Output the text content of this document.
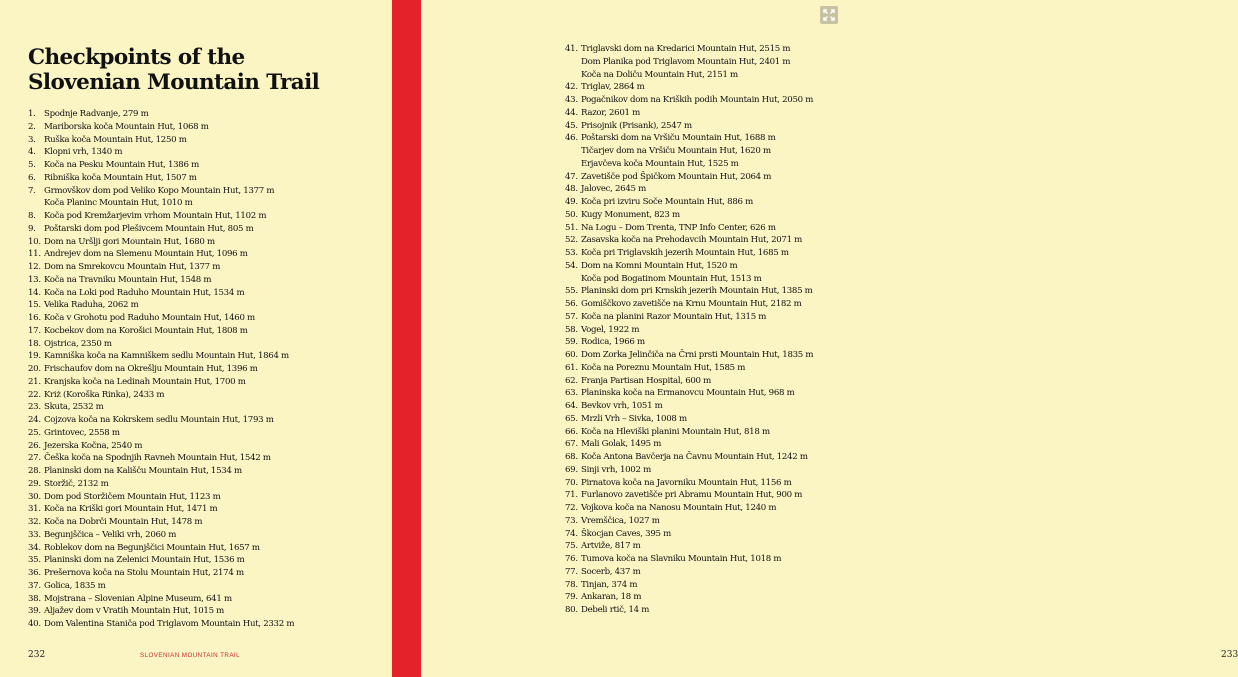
Checkpoints of the
Slovenian Mountain Trail
232	SLOVENIAN MOUNTAIN TRAIL
1. Spodnje Radvanje, 279 m
2. Mariborska koča Mountain Hut, 1068 m
3. Ruška koča Mountain Hut, 1250 m
4. Klopni vrh, 1340 m
5. Koča na Pesku Mountain Hut, 1386 m
6. Ribniška koča Mountain Hut, 1507 m
7. Grmovškov dom pod Veliko Kopo Mountain Hut, 1377 m
Koča Planinc Mountain Hut, 1010 m
8. Koča pod Kremžarjevim vrhom Mountain Hut, 1102 m
9. Poštarski dom pod Plešivcem Mountain Hut, 805 m
10. Dom na Uršlji gori Mountain Hut, 1680 m
11. Andrejev dom na Slemenu Mountain Hut, 1096 m
12. Dom na Smrekovcu Mountain Hut, 1377 m
13. Koča na Travniku Mountain Hut, 1548 m
14. Koča na Loki pod Raduho Mountain Hut, 1534 m
15. Velika Raduha, 2062 m
16. Koča v Grohotu pod Raduho Mountain Hut, 1460 m
17. Kocbekov dom na Korošici Mountain Hut, 1808 m
18. Ojstrica, 2350 m
19. Kamniška koča na Kamniškem sedlu Mountain Hut, 1864 m
20. Frischaufov dom na Okrešlju Mountain Hut, 1396 m
21. Kranjska koča na Ledinah Mountain Hut, 1700 m
22. Kriż (Koroška Rinka), 2433 m
23. Skuta, 2532 m
24. Cojzova koča na Kokrskem sedlu Mountain Hut, 1793 m
25. Grintovec, 2558 m
26. Jezerska Kočna, 2540 m
27. Češka koča na Spodnjih Ravneh Mountain Hut, 1542 m
28. Planinski dom na Kališču Mountain Hut, 1534 m
29. Storžič, 2132 m
30. Dom pod Storžičem Mountain Hut, 1123 m
31. Koča na Kriški gori Mountain Hut, 1471 m
32. Koča na Dobrči Mountain Hut, 1478 m
33. Begunjščica – Veliki vrh, 2060 m
34. Roblekov dom na Begunjščici Mountain Hut, 1657 m
35. Planinski dom na Zelenici Mountain Hut, 1536 m
36. Prešernova koča na Stolu Mountain Hut, 2174 m
37. Golica, 1835 m
38. Mojstrana – Slovenian Alpine Museum, 641 m
39. Aljažev dom v Vratih Mountain Hut, 1015 m
40. Dom Valentina Staniča pod Triglavom Mountain Hut, 2332 m
233
41. Triglavski dom na Kredarici Mountain Hut, 2515 m
Dom Planika pod Triglavom Mountain Hut, 2401 m
Koča na Doliču Mountain Hut, 2151 m
42. Triglav, 2864 m
43. Pogačnikov dom na Kriških podih Mountain Hut, 2050 m
44. Razor, 2601 m
45. Prisojnik (Prisank), 2547 m
46. Poštarski dom na Vršiču Mountain Hut, 1688 m
Tičarjev dom na Vršiču Mountain Hut, 1620 m
Erjavčeva koča Mountain Hut, 1525 m
47. Zavetišče pod Špičkom Mountain Hut, 2064 m
48. Jalovec, 2645 m
49. Koča pri izviru Soče Mountain Hut, 886 m
50. Kugy Monument, 823 m
51. Na Logu – Dom Trenta, TNP Info Center, 626 m
52. Zasavska koča na Prehodavcih Mountain Hut, 2071 m
53. Koča pri Triglavskih jezerih Mountain Hut, 1685 m
54. Dom na Komni Mountain Hut, 1520 m
Koča pod Bogatinom Mountain Hut, 1513 m
55. Planinski dom pri Krnskih jezerih Mountain Hut, 1385 m
56. Gomiščkovo zavetišče na Krnu Mountain Hut, 2182 m
57. Koča na planini Razor Mountain Hut, 1315 m
58. Vogel, 1922 m
59. Rodica, 1966 m
60. Dom Zorka Jelinčiča na Črni prsti Mountain Hut, 1835 m
61. Koča na Poreznu Mountain Hut, 1585 m
62. Franja Partisan Hospital, 600 m
63. Planinska koča na Ermanovcu Mountain Hut, 968 m
64. Bevkov vrh, 1051 m
65. Mrzli Vrh – Sivka, 1008 m
66. Koča na Hleviški planini Mountain Hut, 818 m
67. Mali Golak, 1495 m
68. Koča Antona Bavčerja na Čavnu Mountain Hut, 1242 m
69. Sinji vrh, 1002 m
70. Pirnatova koča na Javorniku Mountain Hut, 1156 m
71. Furlanovo zavetišče pri Abramu Mountain Hut, 900 m
72. Vojkova koča na Nanosu Mountain Hut, 1240 m
73. Vremščica, 1027 m
74. Škocjan Caves, 395 m
75. Artviže, 817 m
76. Tumova koča na Slavniku Mountain Hut, 1018 m
77. Socerb, 437 m
78. Tinjan, 374 m
79. Ankaran, 18 m
80. Debeli rtič, 14 m
